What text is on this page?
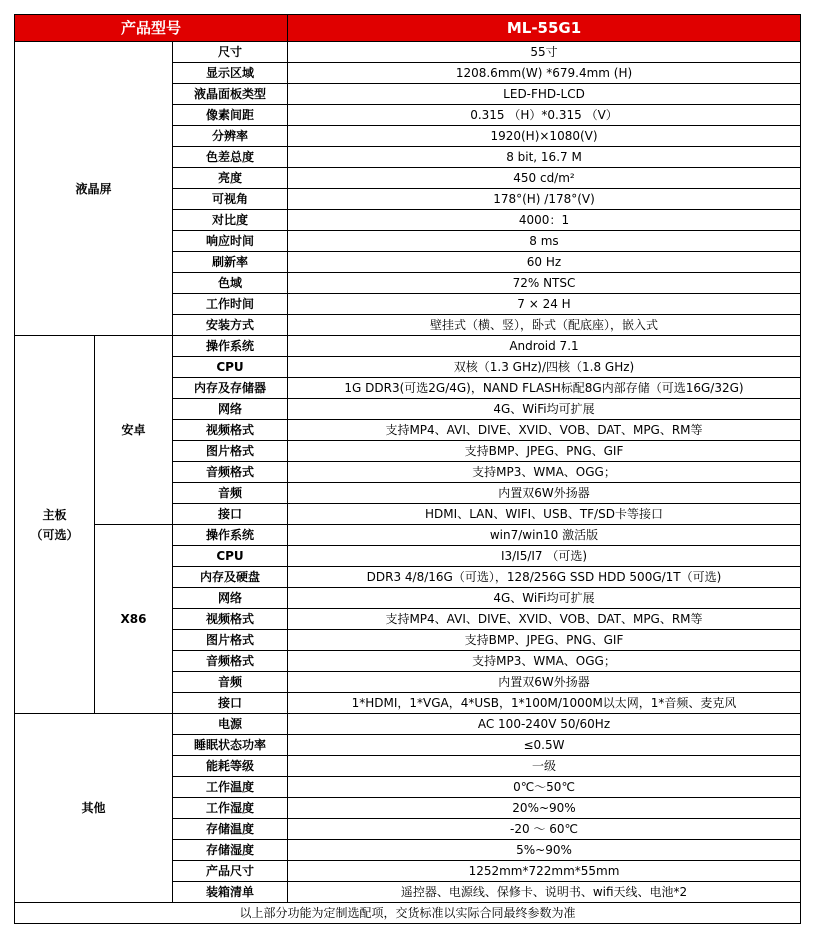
产品型号			ML-55G1
液晶屏		尺寸	55寸
		显示区域	1208.6mm(W) *679.4mm (H)
		液晶面板类型	LED-FHD-LCD
		像素间距	0.315 （H）*0.315 （V）
		分辨率	1920(H)×1080(V)
		色差总度	8 bit, 16.7 M
		亮度	450 cd/m²
		可视角	178°(H) /178°(V)
		对比度	4000：1
		响应时间	8 ms
		刷新率	60 Hz
		色域	72% NTSC
		工作时间	7 × 24 H
		安装方式	壁挂式（横、竖），卧式（配底座），嵌入式

主板
（可选）	安卓	操作系统	Android 7.1
		CPU	双核（1.3 GHz)/四核（1.8 GHz)
		内存及存储器	1G DDR3(可选2G/4G)，NAND FLASH标配8G内部存储（可选16G/32G)
		网络	4G、WiFi均可扩展
		视频格式	支持MP4、AVI、DIVE、XVID、VOB、DAT、MPG、RM等
		图片格式	支持BMP、JPEG、PNG、GIF
		音频格式	支持MP3、WMA、OGG；
		音频	内置双6W外扬器
		接口	HDMI、LAN、WIFI、USB、TF/SD卡等接口
	X86	操作系统	win7/win10 激活版
		CPU	I3/I5/I7 （可选)
		内存及硬盘	DDR3 4/8/16G（可选），128/256G SSD HDD 500G/1T（可选)
		网络	4G、WiFi均可扩展
		视频格式	支持MP4、AVI、DIVE、XVID、VOB、DAT、MPG、RM等
		图片格式	支持BMP、JPEG、PNG、GIF
		音频格式	支持MP3、WMA、OGG；
		音频	内置双6W外扬器
		接口	1*HDMI，1*VGA，4*USB，1*100M/1000M以太网，1*音频、麦克风
其他		电源	AC 100-240V 50/60Hz
		睡眠状态功率	≤0.5W
		能耗等级	一级
		工作温度	0℃～50℃
		工作湿度	20%~90%
		存储温度	-20 ～ 60℃
		存储湿度	5%~90%
		产品尺寸	1252mm*722mm*55mm
		装箱清单	遥控器、电源线、保修卡、说明书、wifi天线、电池*2
以上部分功能为定制选配项，交货标准以实际合同最终参数为准			
